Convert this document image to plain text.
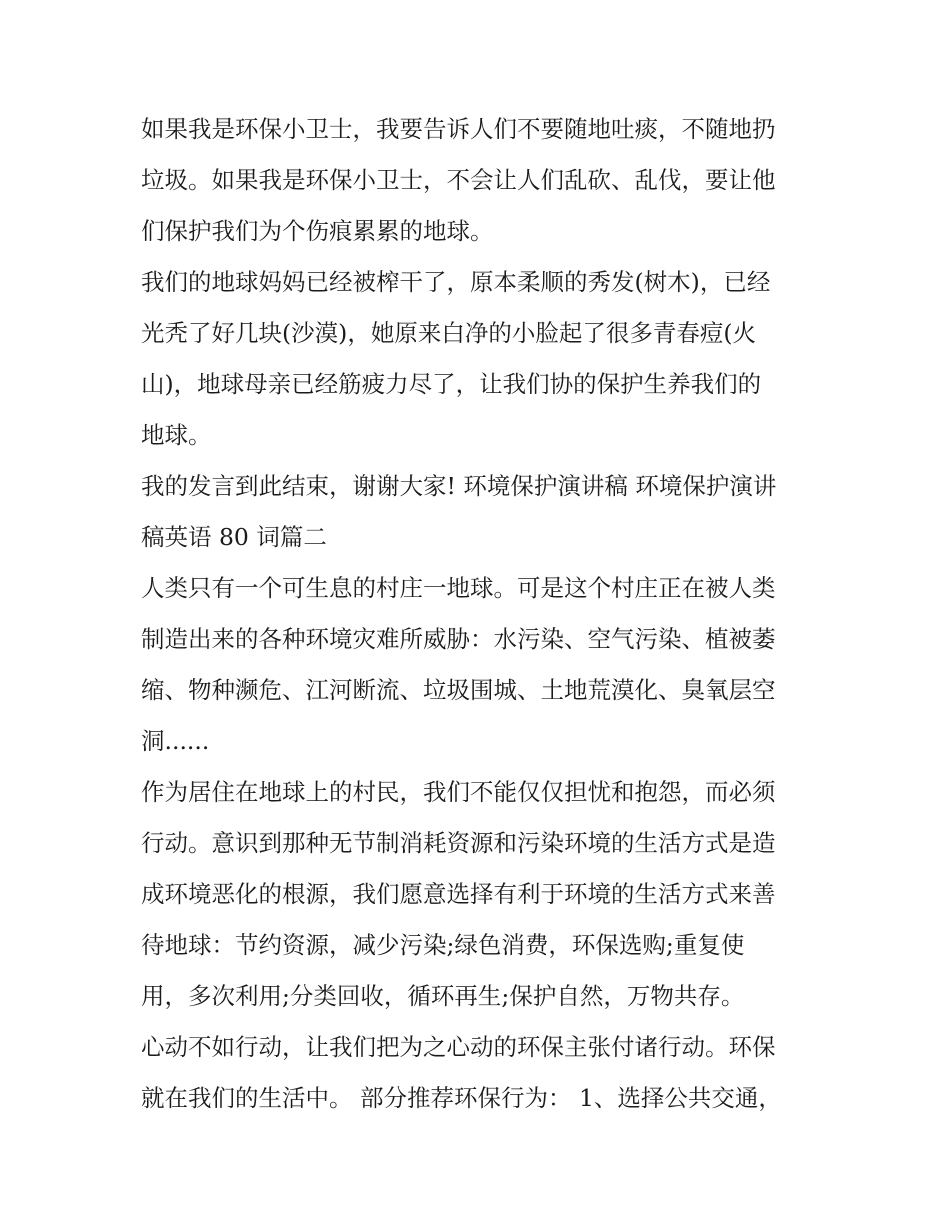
如果我是环保小卫士，我要告诉人们不要随地吐痰，不随地扔
垃圾。如果我是环保小卫士，不会让人们乱砍、乱伐，要让他
们保护我们为个伤痕累累的地球。
我们的地球妈妈已经被榨干了，原本柔顺的秀发(树木)，已经
光秃了好几块(沙漠)，她原来白净的小脸起了很多青春痘(火
山)，地球母亲已经筋疲力尽了，让我们协的保护生养我们的
地球。
我的发言到此结束，谢谢大家! 环境保护演讲稿 环境保护演讲
稿英语 80 词篇二
人类只有一个可生息的村庄一地球。可是这个村庄正在被人类
制造出来的各种环境灾难所威胁：水污染、空气污染、植被萎
缩、物种濒危、江河断流、垃圾围城、土地荒漠化、臭氧层空
洞......
作为居住在地球上的村民，我们不能仅仅担忧和抱怨，而必须
行动。意识到那种无节制消耗资源和污染环境的生活方式是造
成环境恶化的根源，我们愿意选择有利于环境的生活方式来善
待地球：节约资源，减少污染;绿色消费，环保选购;重复使
用，多次利用;分类回收，循环再生;保护自然，万物共存。
心动不如行动，让我们把为之心动的环保主张付诸行动。环保
就在我们的生活中。 部分推荐环保行为： 1、选择公共交通，
